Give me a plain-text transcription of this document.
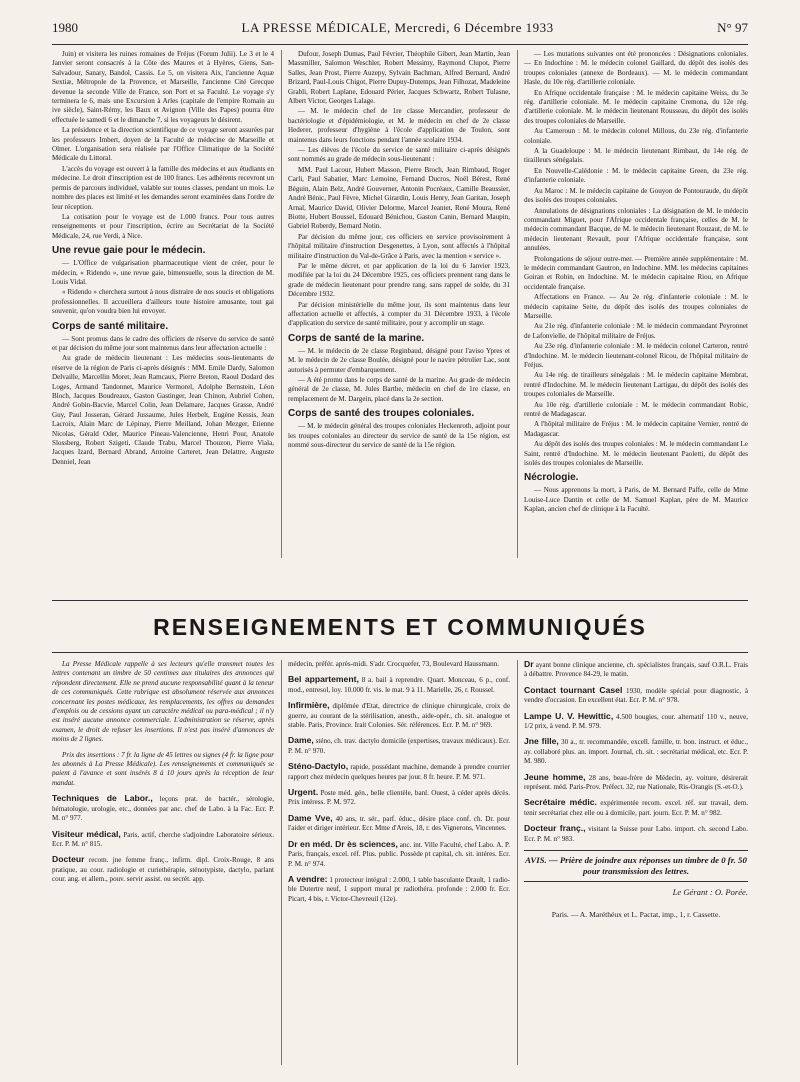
1980	LA PRESSE MÉDICALE, Mercredi, 6 Décembre 1933	N° 97

Juin) et visitera les ruines romaines de Fréjus (Forum Julii). Le 3 et le 4 Janvier seront consacrés à la Côte des Maures et à Hyères, Giens, San-Salvadour, Sanary, Bandol, Cassis. Le 5, on visitera Aix, l'ancienne Aquæ Sextiæ, Métropole de la Provence, et Marseille, l'ancienne Cité Grecque devenue la seconde Ville de France, son Port et sa Faculté. Le voyage s'y terminera le 6, mais une Excursion à Arles (capitale de l'empire Romain au ive siècle), Saint-Rémy, les Baux et Avignon (Ville des Papes) pourra être effectuée le samedi 6 et le dimanche 7, si les voyageurs le désirent.

La présidence et la direction scientifique de ce voyage seront assurées par les professeurs Imbert, doyen de la Faculté de médecine de Marseille et Olmer. L'organisation sera réalisée par l'Office Climatique de la Société Médicale du Littoral.

L'accès du voyage est ouvert à la famille des médecins et aux étudiants en médecine. Le droit d'inscription est de 100 francs. Les adhérents recevront un permis de parcours individuel, valable sur toutes classes, pendant un mois. Le nombre des places est limité et les demandes seront examinées dans l'ordre de leur réception.

La cotisation pour le voyage est de 1.000 francs. Pour tous autres renseignements et pour l'inscription, écrire au Secrétariat de la Société Médicale, 24, rue Verdi, à Nice.

Une revue gaie pour le médecin.

— L'Office de vulgarisation pharmaceutique vient de créer, pour le médecin, « Ridendo », une revue gaie, bimensuelle, sous la direction de M. Louis Vidal.

« Ridendo » cherchera surtout à nous distraire de nos soucis et obligations professionnelles. Il accueillera d'ailleurs toute histoire amusante, tout gai souvenir, qu'on voudra bien lui envoyer.

Corps de santé militaire.

— Sont promus dans le cadre des officiers de réserve du service de santé et par décision du même jour sont maintenus dans leur affectation actuelle :

Au grade de médecin lieutenant : Les médecins sous-lieutenants de réserve de la région de Paris ci-après désignés : MM. Emile Dardy, Salomon Delvaille, Marcellin Moret, Jean Ramcaux, Pierre Breton, Raoul Dodard des Loges, Armand Tandonnet, Maurice Vermorel, Adolphe Bernstein, Léon Bloch, Jacques Boudreaux, Gaston Gastinger, Jean Chinon, Aubriel Cohen, André Gobin-Bacvie, Marcel Colin, Jean Delamare, Jacques Grasse, André Guy, Paul Josseran, Gérard Jussaume, Jules Herbelt, Eugène Kessis, Jean Lacroix, Alain Marc de Lépinay, Pierre Meilland, Johan Mezger, Etienne Nicolas, Gérald Oder, Maurice Pineau-Valencienne, Henri Pour, Anatole Slossberg, Robert Szigeti, Claude Trabu, Marcel Thouzon, Pierre Viala, Jacques Izard, Bernard Abrand, Antoine Carteret, Jean Delattre, Auguste Denniel, Jean

Dufour, Joseph Dumas, Paul Février, Théophile Gibert, Jean Martin, Jean Massmiller, Salomon Weschler, Robert Messimy, Raymond Clupot, Pierre Salles, Jean Prost, Pierre Auzepy, Sylvain Bachman, Alfred Bernard, André Brizard, Paul-Louis Chigot, Pierre Dupuy-Dutemps, Jean Filhozat, Madeleine Grabli, Robert Laplane, Edouard Périer, Jacques Schwartz, Robert Tulasne, Albert Victor, Georges Lalage.

— M. le médecin chef de 1re classe Mercandier, professeur de bactériologie et d'épidémiologie, et M. le médecin en chef de 2e classe Hederer, professeur d'hygiène à l'école d'application de Toulon, sont maintenus dans leurs fonctions pendant l'année scolaire 1934.

— Les élèves de l'école du service de santé militaire ci-après désignés sont nommés au grade de médecin sous-lieutenant :

MM. Paul Lacour, Hubert Masson, Pierre Broch, Jean Rimbaud, Roger Carli, Paul Sabatier, Marc Lemoine, Fernand Ducros, Noël Bérest, René Béguin, Alain Belz, André Gouverner, Antonin Pocréaux, Camille Beaussier, André Bénic, Paul Fèvre, Michel Girardin, Louis Henry, Jean Garitan, Joseph Arnal, Maurice David, Olivier Delorme, Marcel Jeantet, René Moura, René Biotte, Hubert Boussel, Edouard Bénichou, Gaston Canin, Bernard Maupin, Gabriel Roberdy, Bernard Notin.

Par décision du même jour, ces officiers en service provisoirement à l'hôpital militaire d'instruction Desgenettes, à Lyon, sont affectés à l'hôpital militaire d'instruction du Val-de-Grâce à Paris, avec la mention « service ».

Par le même décret, et par application de la loi du 6 Janvier 1923, modifiée par la loi du 24 Décembre 1925, ces officiers prennent rang dans le grade de médecin lieutenant pour prendre rang, sans rappel de solde, du 31 Décembre 1932.

Par décision ministérielle du même jour, ils sont maintenus dans leur affectation actuelle et affectés, à compter du 31 Décembre 1933, à l'école d'application du service de santé militaire, pour y accomplir un stage.

Corps de santé de la marine.

— M. le médecin de 2e classe Reginbaud, désigné pour l'aviso Ypres et M. le médecin de 2e classe Boulée, désigné pour le navire pétrolier Lac, sont autorisés à permuter d'embarquement.

— A été promu dans le corps de santé de la marine. Au grade de médecin général de 2e classe, M. Jules Barthe, médecin en chef de 1re classe, en remplacement de M. Dargein, placé dans la 2e section.

Corps de santé des troupes coloniales.

— M. le médecin général des troupes coloniales Heckenroth, adjoint pour les troupes coloniales au directeur du service de santé de la 15e région, est nommé sous-directeur du service de santé de la 15e région.

— Les mutations suivantes ont été prononcées : Désignations coloniales. — En Indochine : M. le médecin colonel Gaillard, du dépôt des isolés des troupes coloniales (annexe de Bordeaux). — M. le médecin commandant Hasle, du 10e rég. d'artillerie coloniale.

En Afrique occidentale française : M. le médecin capitaine Weiss, du 3e rég. d'artillerie coloniale. M. le médecin capitaine Cremona, du 12e rég. d'artillerie coloniale. M. le médecin lieutenant Rousseau, du dépôt des isolés des troupes coloniales de Marseille.

Au Cameroun : M. le médecin colonel Millous, du 23e rég. d'infanterie coloniale.

A la Guadeloupe : M. le médecin lieutenant Rimbaut, du 14e rég. de tirailleurs sénégalais.

En Nouvelle-Calédonie : M. le médecin capitaine Green, du 23e rég. d'infanterie coloniale.

Au Maroc : M. le médecin capitaine de Gouyon de Pontouraude, du dépôt des isolés des troupes coloniales.

Annulations de désignations coloniales : La désignation de M. le médecin commandant Miguet, pour l'Afrique occidentale française, celles de M. le médecin commandant Bacque, de M. le médecin lieutenant Rouzaut, de M. le médecin lieutenant Revault, pour l'Afrique occidentale française, sont annulées.

Prolongations de séjour outre-mer. — Première année supplémentaire : M. le médecin commandant Gautron, en Indochine. MM. les médecins capitaines Goiran et Robin, en Indochine. M. le médecin capitaine Riou, en Afrique occidentale française.

Affectations en France. — Au 2e rég. d'infanterie coloniale : M. le médecin capitaine Seite, du dépôt des isolés des troupes coloniales de Marseille.

Au 21e rég. d'infanterie coloniale : M. le médecin commandant Peyronnet de Lafonvielle, de l'hôpital militaire de Fréjus.

Au 23e rég. d'infanterie coloniale : M. le médecin colonel Carteron, rentré d'Indochine. M. le médecin lieutenant-colonel Ricou, de l'hôpital militaire de Fréjus.

Au 14e rég. de tirailleurs sénégalais : M. le médecin capitaine Membrat, rentré d'Indochine. M. le médecin lieutenant Lartigau, du dépôt des isolés des troupes coloniales de Marseille.

Au 10e rég. d'artillerie coloniale : M. le médecin commandant Robic, rentré de Madagascar.

A l'hôpital militaire de Fréjus : M. le médecin capitaine Vernier, rentré de Madagascar.

Au dépôt des isolés des troupes coloniales : M. le médecin commandant Le Saint, rentré d'Indochine. M. le médecin lieutenant Paoletti, du dépôt des isolés des troupes coloniales de Marseille.

Nécrologie.

— Nous apprenons la mort, à Paris, de M. Bernard Paffe, celle de Mme Louise-Luce Dantin et celle de M. Samuel Kaplan, père de M. Maurice Kaplan, ancien chef de clinique à la Faculté.

RENSEIGNEMENTS ET COMMUNIQUÉS

La Presse Médicale rappelle à ses lecteurs qu'elle transmet toutes les lettres contenant un timbre de 50 centimes aux titulaires des annonces qui répondent directement. Elle ne prend aucune responsabilité quant à la teneur de ces communiqués. Cette rubrique est absolument réservée aux annonces concernant les postes médicaux, les remplacements, les offres ou demandes d'emplois ou de cessions ayant un caractère médical ou para-médical ; il n'y est inséré aucune annonce commerciale. L'administration se réserve, après examen, le droit de refuser les insertions. Il n'est pas inséré d'annonces de moins de 2 lignes.

Prix des insertions : 7 fr. la ligne de 45 lettres ou signes (4 fr. la ligne pour les abonnés à La Presse Médicale). Les renseignements et communiqués se paient à l'avance et sont insérés 8 à 10 jours après la réception de leur mandat.

Techniques de Labor., leçons prat. de bactér., sérologie, hématologie, urologie, etc., données par anc. chef de Labo. à la Fac. Ecr. P. M. n° 977.

Visiteur médical, Paris, actif, cherche s'adjoindre Laboratoire sérieux. Ecr. P. M. n° 815.

Docteur recom. jne femme franç., infirm. dipl. Croix-Rouge, 8 ans pratique, au cour. radiologie et curiethérapie, sténotypiste, dactylo, parlant cour. ang. et allem., pouv. servir assist. ou secrét. app.

médecin, préfér. après-midi. S'adr. Crocquefer, 73, Boulevard Haussmann.

Bel appartement, 8 a. bail à reprendre. Quart. Monceau, 6 p., conf. mod., entresol, loy. 10.000 fr. vis. le mat. 9 à 11. Marielle, 26, r. Roussel.

Infirmière, diplômée d'Etat, directrice de clinique chirurgicale, croix de guerre, au courant de la stérilisation, anesth., aide-opér., ch. sit. analogue et stable. Paris, Province. Irait Colonies. Sér. références. Ecr. P. M. n° 969.

Dame, sténo, ch. trav. dactylo domicile (expertises, travaux médicaux). Ecr. P. M. n° 970.

Sténo-Dactylo, rapide, possédant machine, demande à prendre courrier rapport chez médecin quelques heures par jour. 8 fr. heure. P. M. 971.

Urgent. Poste méd. gén., belle clientèle, banl. Ouest, à céder après décès. Prix intéress. P. M. 972.

Dame Vve, 40 ans, tr. sér., parf. éduc., désire place conf. ch. Dr. pour l'aider et diriger intérieur. Ecr. Mme d'Areis, 18, r. des Vignerons, Vincennes.

Dr en méd. Dr ès sciences, anc. int. Ville Faculté, chef Labo. A. P. Paris, français, excel. réf. Plus. public. Possède pt capital, ch. sit. intéres. Ecr. P. M. n° 974.

A vendre: 1 protecteur intégral : 2.000, 1 table basculante Drault, 1 radio-ble Dutertre neuf, 1 support mural pr radiothéra. profonde : 2.000 fr. Ecr. Picart, 4 bis, r. Victor-Chevreuil (12e).

Dr ayant bonne clinique ancienne, ch. spécialistes français, sauf O.R.L. Frais à débattre. Provence 84-29, le matin.

Contact tournant Casel 1930, modèle spécial pour diagnostic, à vendre d'occasion. En excellent état. Ecr. P. M. n° 978.

Lampe U. V. Hewittic, 4.500 bougies, cour. alternatif 110 v., neuve, 1/2 prix, à vend. P. M. 979.

Jne fille, 30 a., tr. recommandée, excell. famille, tr. bon. instruct. et éduc., ay. collaboré plus. an. import. Journal, ch. sit. : secrétariat médical, etc. Ecr. P. M. 980.

Jeune homme, 28 ans, beau-frère de Médecin, ay. voiture, désirerait représent. méd. Paris-Prov. Préfect. 32, rue Nationale, Ris-Orangis (S.-et-O.).

Secrétaire médic. expérimentée recom. excel. réf. sur travail, dem. tenir secrétariat chez elle ou à domicile, part. journ. Ecr. P. M. n° 982.

Docteur franç., visitant la Suisse pour Labo. import. ch. second Labo. Ecr. P. M. n° 983.

AVIS. — Prière de joindre aux réponses un timbre de 0 fr. 50 pour transmission des lettres.
Le Gérant : O. Porée.
Paris. — A. Maréthéux et L. Pactat, imp., 1, r. Cassette.
